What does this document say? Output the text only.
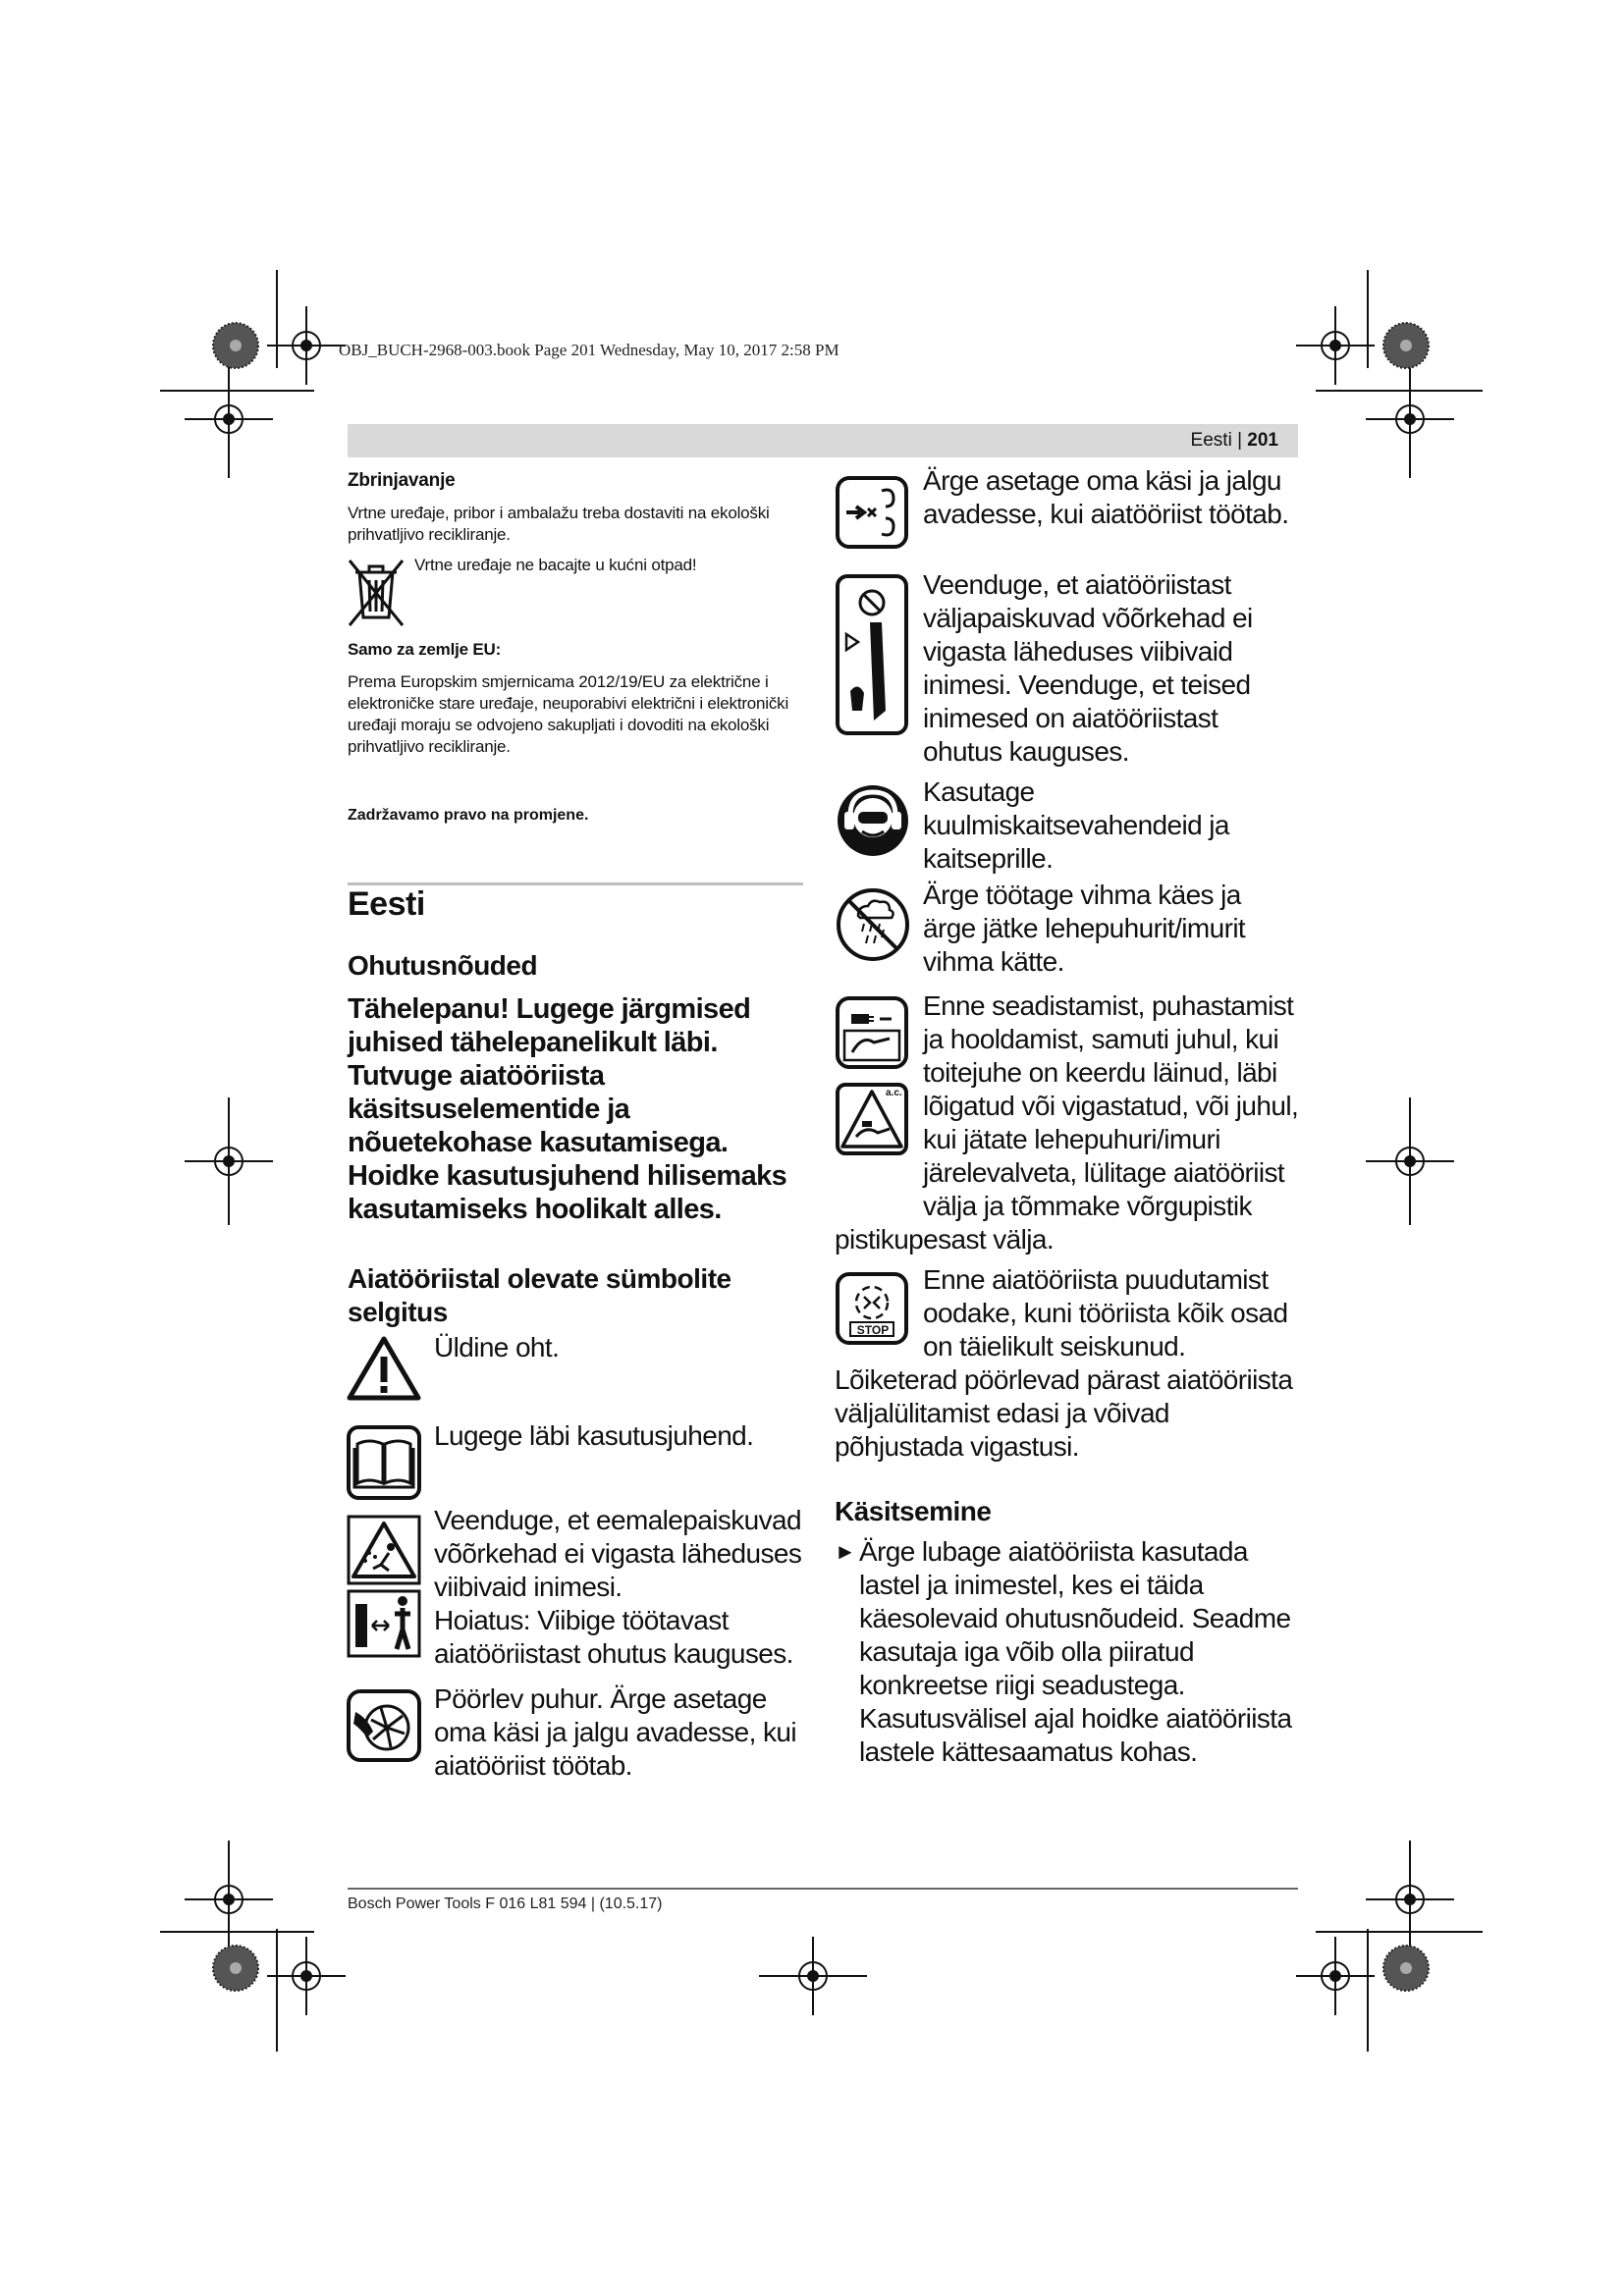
OBJ_BUCH-2968-003.book Page 201 Wednesday, May 10, 2017 2:58 PM
Eesti | 201
Zbrinjavanje
Vrtne uređaje, pribor i ambalažu treba dostaviti na ekološki prihvatljivo recikliranje.
Vrtne uređaje ne bacajte u kućni otpad!
Samo za zemlje EU:
Prema Europskim smjernicama 2012/19/EU za električne i elektroničke stare uređaje, neuporabivi električni i elektronički uređaji moraju se odvojeno sakupljati i dovoditi na ekološki prihvatljivo recikliranje.
Zadržavamo pravo na promjene.
Eesti
Ohutusnõuded
Tähelepanu! Lugege järgmised juhised tähelepanelikult läbi. Tutvuge aiatööriista käsitsuselementide ja nõuetekohase kasutamisega. Hoidke kasutusjuhend hilisemaks kasutamiseks hoolikalt alles.
Aiatööriistal olevate sümbolite selgitus
Üldine oht.
Lugege läbi kasutusjuhend.
Veenduge, et eemalepaiskuvad võõrkehad ei vigasta läheduses viibivaid inimesi.
Hoiatus: Viibige töötavast aiatööriistast ohutus kauguses.
Pöörlev puhur. Ärge asetage oma käsi ja jalgu avadesse, kui aiatööriist töötab.
Ärge asetage oma käsi ja jalgu avadesse, kui aiatööriist töötab.
Veenduge, et aiatööriistast väljapaiskuvad võõrkehad ei vigasta läheduses viibivaid inimesi. Veenduge, et teised inimesed on aiatööriistast ohutus kauguses.
Kasutage kuulmiskaitsevahendeid ja kaitseprille.
Ärge töötage vihma käes ja ärge jätke lehepuhurit/imurit vihma kätte.
a.c.
Enne seadistamist, puhastamist ja hooldamist, samuti juhul, kui toitejuhe on keerdu läinud, läbi lõigatud või vigastatud, või juhul, kui jätate lehepuhuri/imuri järelevalveta, lülitage aiatööriist välja ja tõmmake võrgupistik pistikupesast välja.
STOP
Enne aiatööriista puudutamist oodake, kuni tööriista kõik osad on täielikult seiskunud. Lõiketerad pöörlevad pärast aiatööriista väljalülitamist edasi ja võivad põhjustada vigastusi.
Käsitsemine
► Ärge lubage aiatööriista kasutada lastel ja inimestel, kes ei täida käesolevaid ohutusnõudeid. Seadme kasutaja iga võib olla piiratud konkreetse riigi seadustega. Kasutusvälisel ajal hoidke aiatööriista lastele kättesaamatus kohas.
Bosch Power Tools F 016 L81 594 | (10.5.17)
